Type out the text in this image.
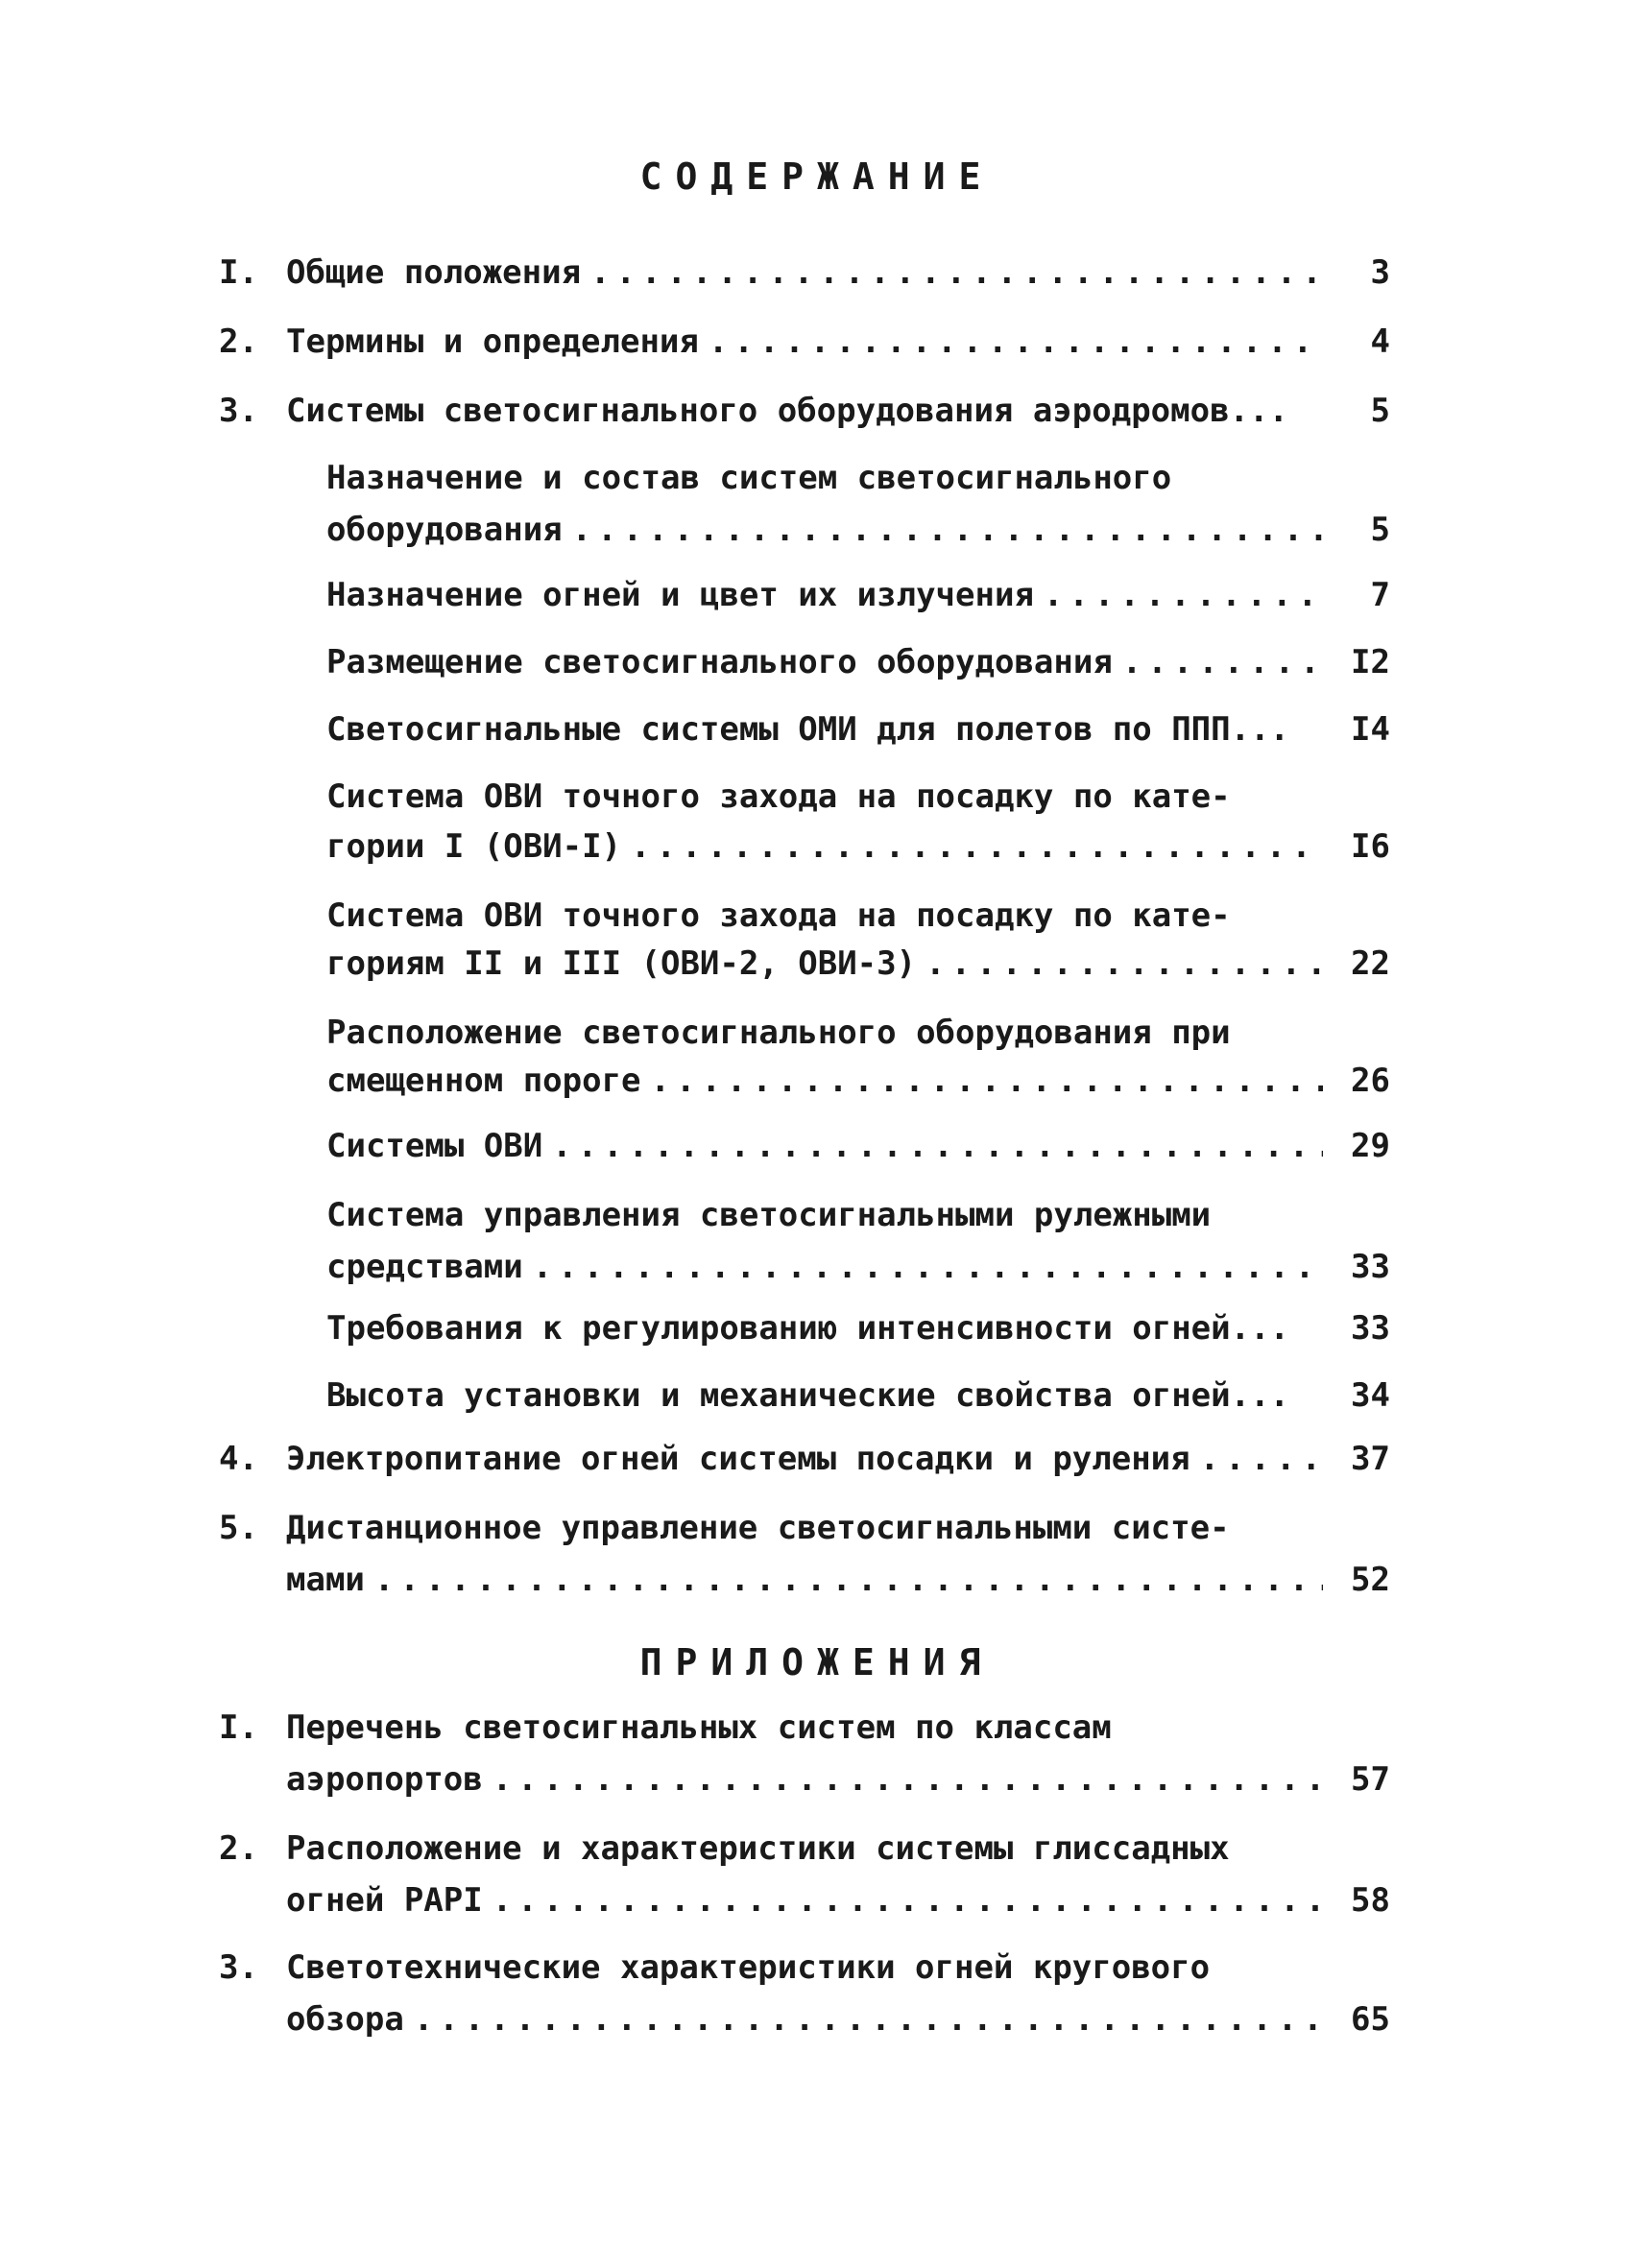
СОДЕРЖАНИЕ
I. Общие положения .....	3
2. Термины и определения .....	4
3. Системы светосигнального оборудования аэродромов...	5
Назначение и состав систем светосигнального
оборудования .....	5
Назначение огней и цвет их излучения .....	7
Размещение светосигнального оборудования .....	I2
Светосигнальные системы ОМИ для полетов по ППП...	I4
Система ОВИ точного захода на посадку по кате-
гории I (ОВИ-I) .....	I6
Система ОВИ точного захода на посадку по кате-
гориям II и III (ОВИ-2, ОВИ-3) .....	22
Расположение светосигнального оборудования при
смещенном пороге .....	26
Системы ОВИ .....	29
Система управления светосигнальными рулежными
средствами .....	33
Требования к регулированию интенсивности огней...	33
Высота установки и механические свойства огней...	34
4. Электропитание огней системы посадки и руления .....	37
5. Дистанционное управление светосигнальными систе-
мами .....	52
ПРИЛОЖЕНИЯ
I. Перечень светосигнальных систем по классам
аэропортов .....	57
2. Расположение и характеристики системы глиссадных
огней PAPI .....	58
3. Светотехнические характеристики огней кругового
обзора .....	65
